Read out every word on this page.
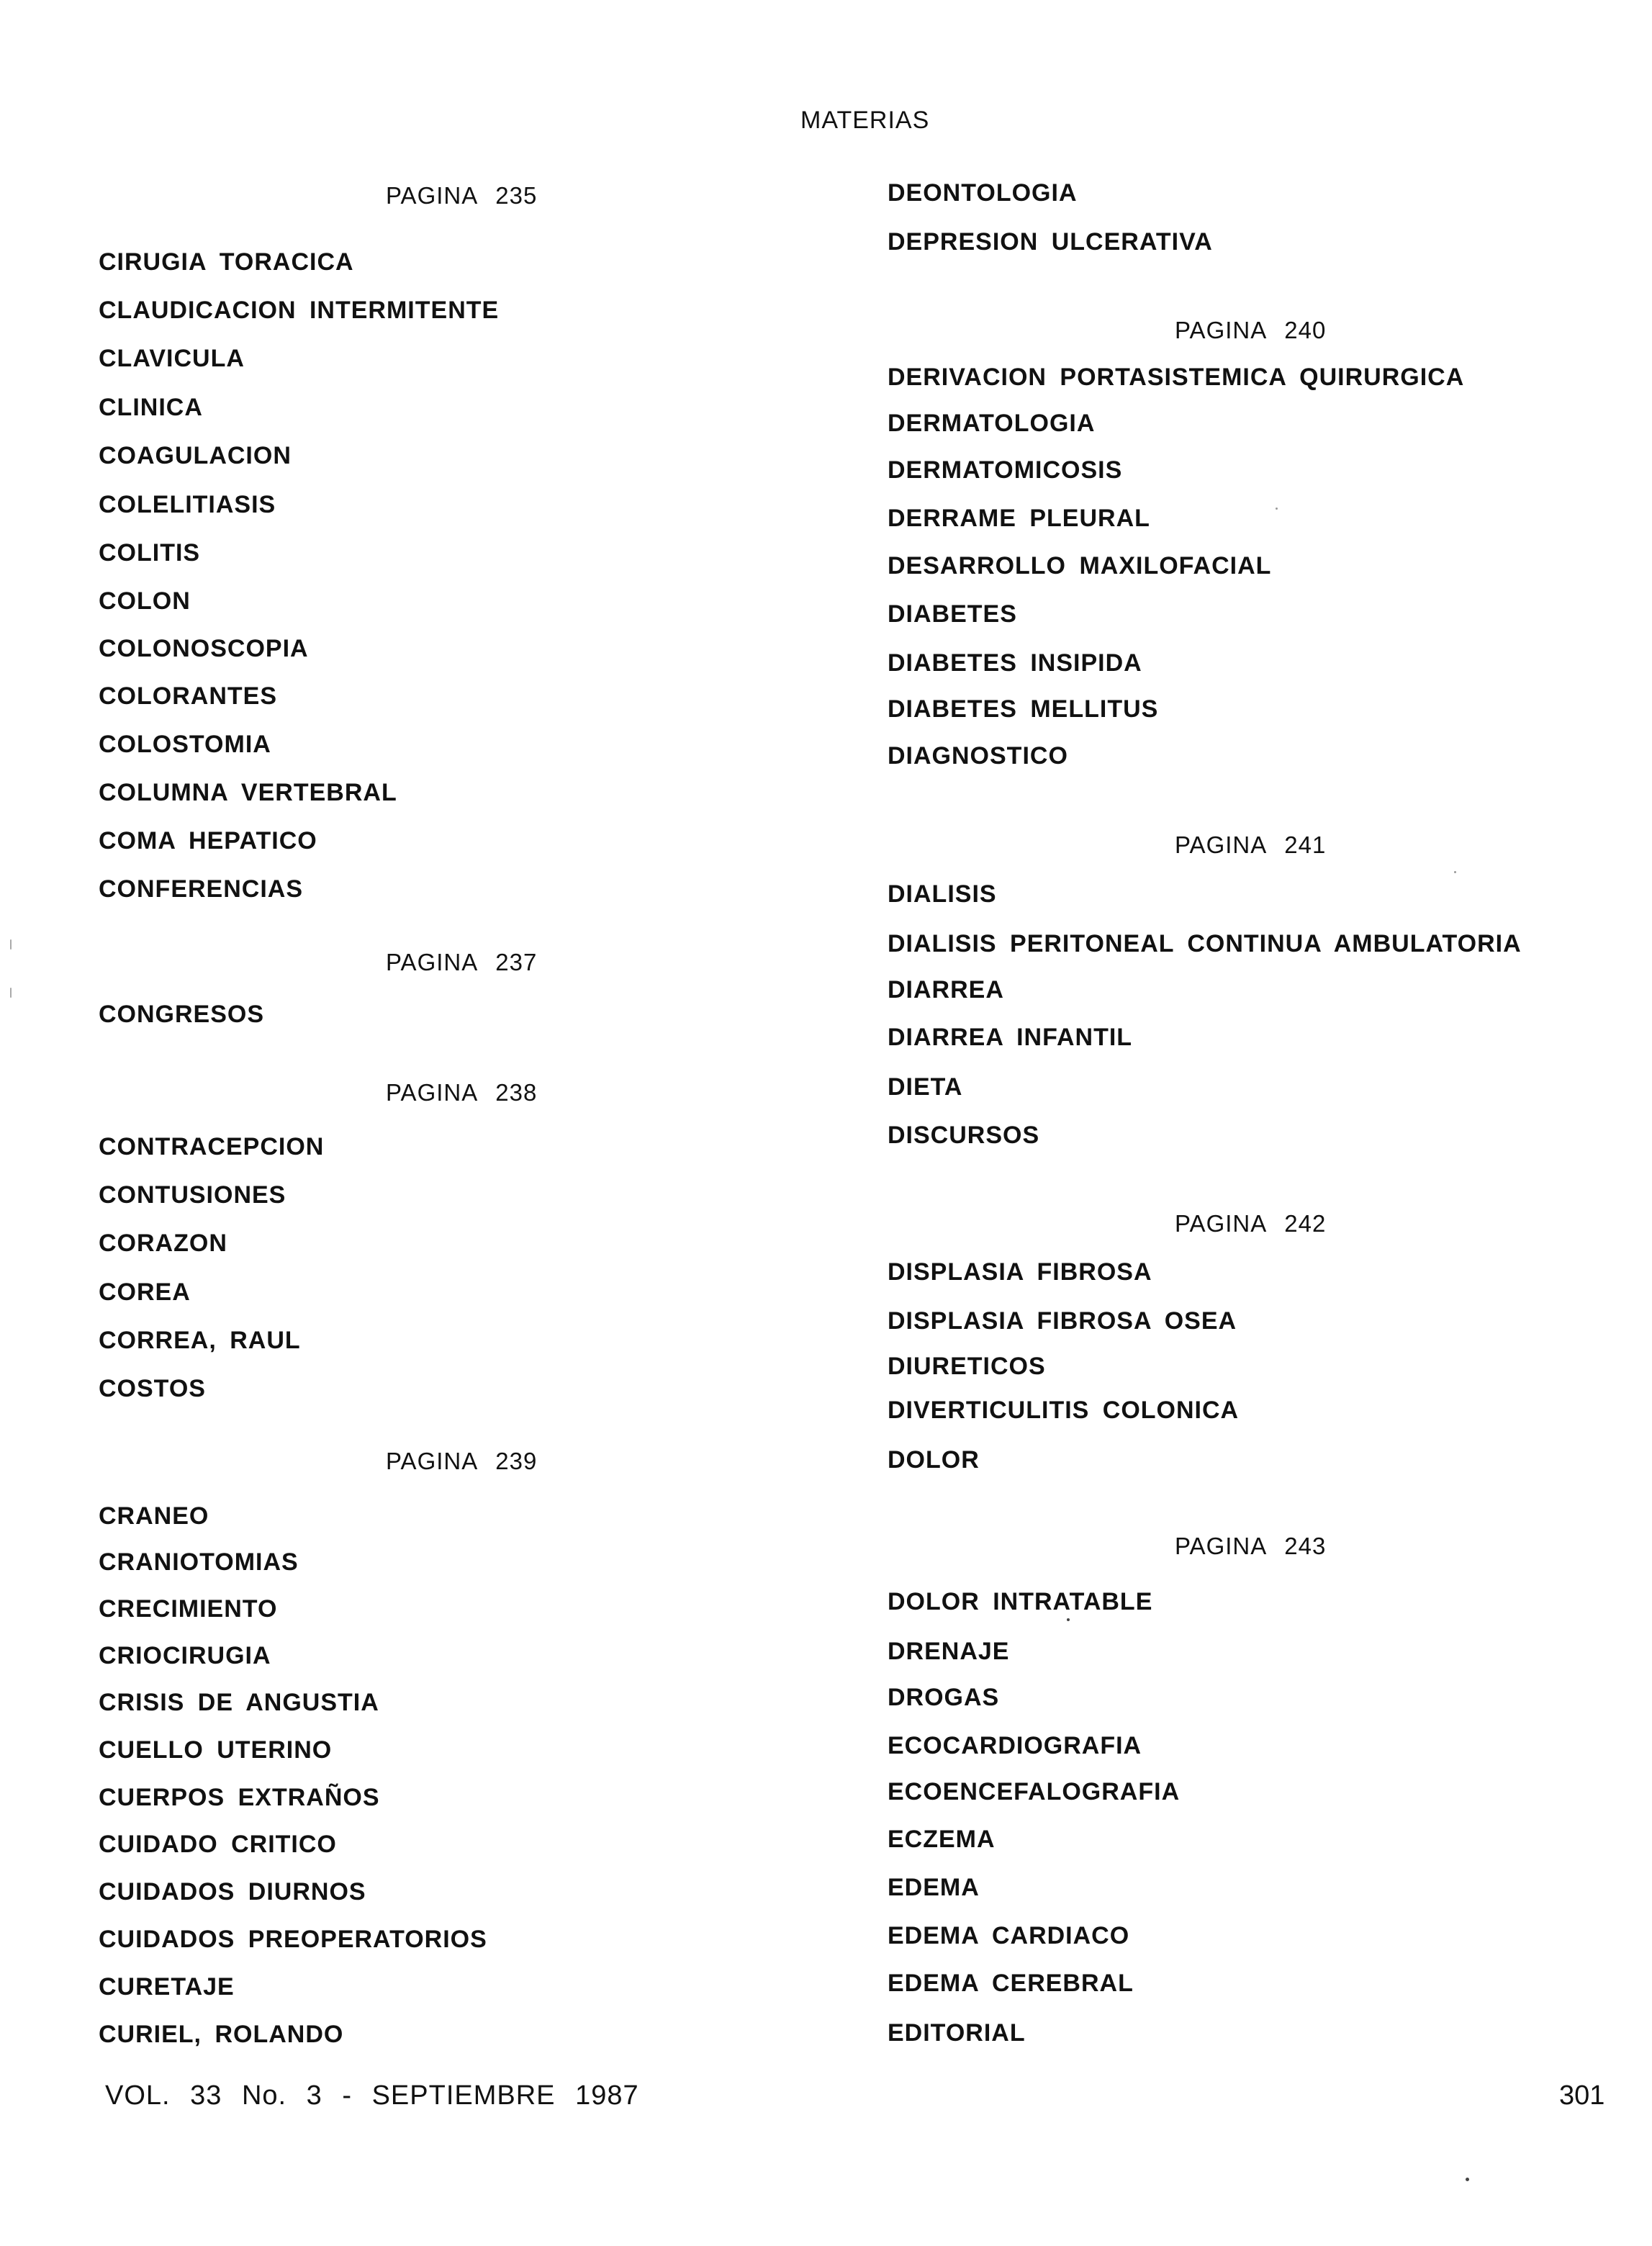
MATERIAS
PAGINA 235
CIRUGIA TORACICA
CLAUDICACION INTERMITENTE
CLAVICULA
CLINICA
COAGULACION
COLELITIASIS
COLITIS
COLON
COLONOSCOPIA
COLORANTES
COLOSTOMIA
COLUMNA VERTEBRAL
COMA HEPATICO
CONFERENCIAS
PAGINA 237
CONGRESOS
PAGINA 238
CONTRACEPCION
CONTUSIONES
CORAZON
COREA
CORREA, RAUL
COSTOS
PAGINA 239
CRANEO
CRANIOTOMIAS
CRECIMIENTO
CRIOCIRUGIA
CRISIS DE ANGUSTIA
CUELLO UTERINO
CUERPOS EXTRAÑOS
CUIDADO CRITICO
CUIDADOS DIURNOS
CUIDADOS PREOPERATORIOS
CURETAJE
CURIEL, ROLANDO
DEONTOLOGIA
DEPRESION ULCERATIVA
PAGINA 240
DERIVACION PORTASISTEMICA QUIRURGICA
DERMATOLOGIA
DERMATOMICOSIS
DERRAME PLEURAL
DESARROLLO MAXILOFACIAL
DIABETES
DIABETES INSIPIDA
DIABETES MELLITUS
DIAGNOSTICO
PAGINA 241
DIALISIS
DIALISIS PERITONEAL CONTINUA AMBULATORIA
DIARREA
DIARREA INFANTIL
DIETA
DISCURSOS
PAGINA 242
DISPLASIA FIBROSA
DISPLASIA FIBROSA OSEA
DIURETICOS
DIVERTICULITIS COLONICA
DOLOR
PAGINA 243
DOLOR INTRATABLE
DRENAJE
DROGAS
ECOCARDIOGRAFIA
ECOENCEFALOGRAFIA
ECZEMA
EDEMA
EDEMA CARDIACO
EDEMA CEREBRAL
EDITORIAL
VOL. 33 No. 3 - SEPTIEMBRE 1987	301
